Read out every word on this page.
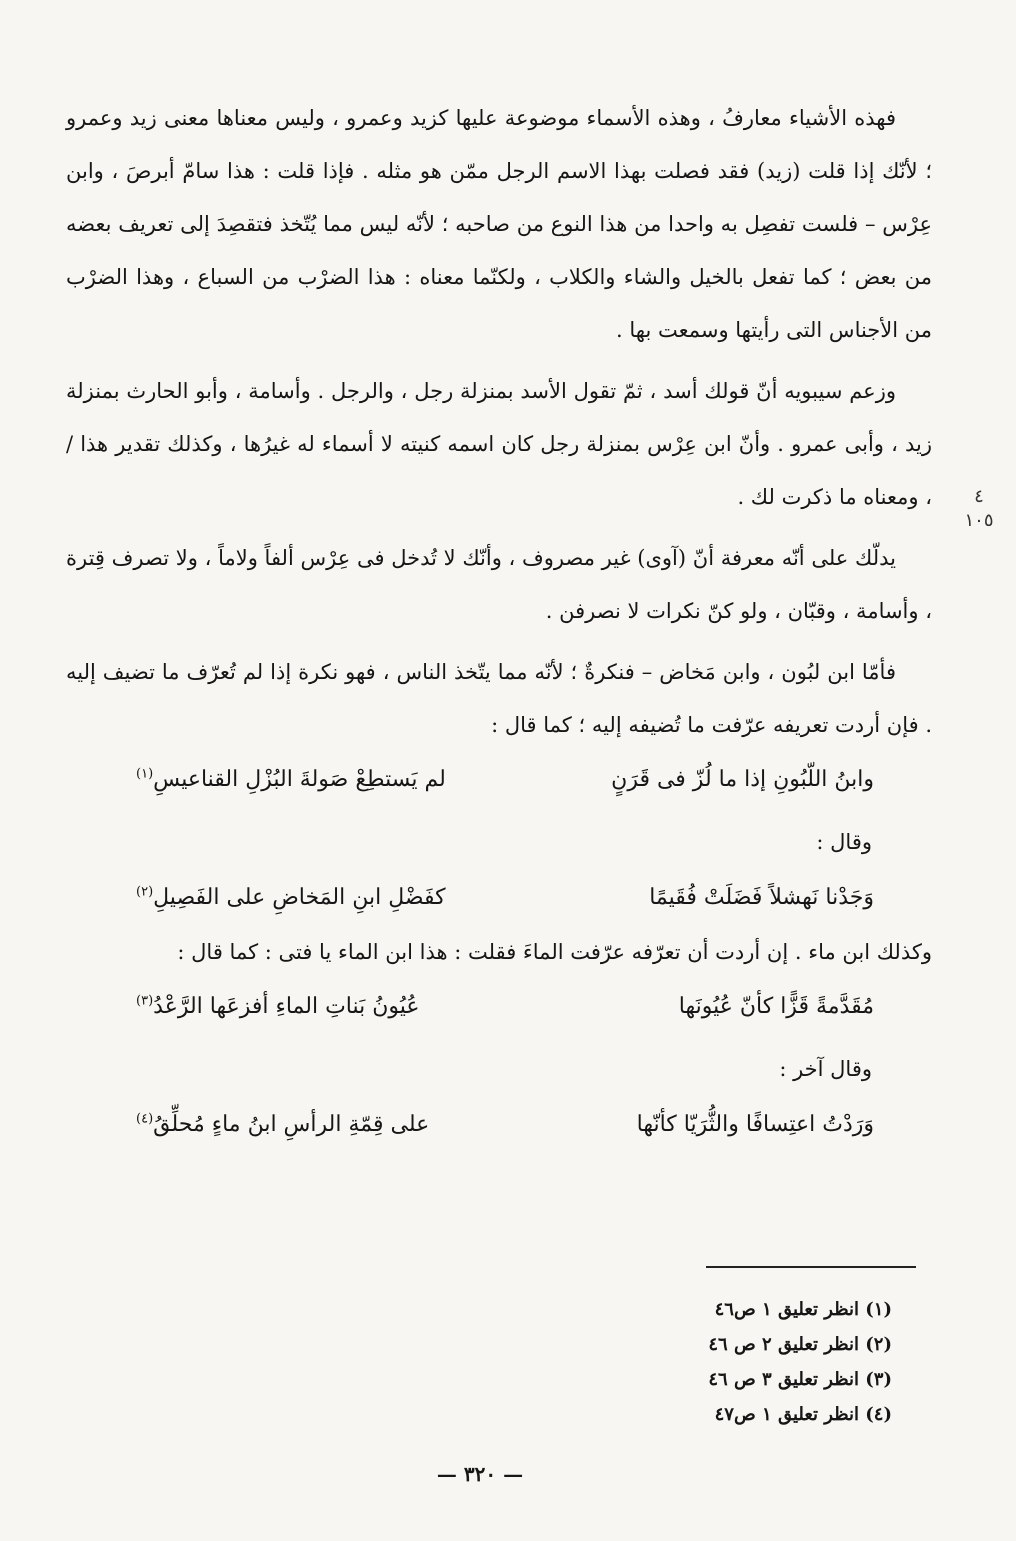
فهذه الأشياء معارفُ ، وهذه الأسماء موضوعة عليها كزيد وعمرو ، وليس معناها معنى زيد وعمرو ؛ لأنّك إذا قلت (زيد) فقد فصلت بهذا الاسم الرجل ممّن هو مثله . فإذا قلت : هذا سامّ أبرصَ ، وابن عِرْس – فلست تفصِل به واحدا من هذا النوع من صاحبه ؛ لأنّه ليس مما يُتّخذ فتقصِدَ إلى تعريف بعضه من بعض ؛ كما تفعل بالخيل والشاء والكلاب ، ولكنّما معناه : هذا الضرْب من السباع ، وهذا الضرْب من الأجناس التى رأيتها وسمعت بها .

وزعم سيبويه أنّ قولك أسد ، ثمّ تقول الأسد بمنزلة رجل ، والرجل . وأسامة ، وأبو الحارث بمنزلة زيد ، وأبى عمرو . وأنّ ابن عِرْس بمنزلة رجل كان اسمه كنيته لا أسماء له غيرُها ، وكذلك تقدير هذا / ، ومعناه ما ذكرت لك .

يدلّك على أنّه معرفة أنّ (آوى) غير مصروف ، وأنّك لا تُدخل فى عِرْس ألفاً ولاماً ، ولا تصرف قِترة ، وأسامة ، وقبّان ، ولو كنّ نكرات لا نصرفن .

فأمّا ابن لبُون ، وابن مَخاض – فنكرةٌ ؛ لأنّه مما يتّخذ الناس ، فهو نكرة إذا لم تُعرّف ما تضيف إليه . فإن أردت تعريفه عرّفت ما تُضيفه إليه ؛ كما قال :

وابنُ اللّبُونِ إذا ما لُزّ فى قَرَنٍ
لم يَستطِعْ صَولةَ البُزْلِ القناعيسِ$^{(١)}$
وقال :
وَجَدْنا نَهشلاً فَضَلَتْ فُقَيمًا
كفَضْلِ ابنِ المَخاضِ على الفَصِيلِ$^{(٢)}$

وكذلك ابن ماء . إن أردت أن تعرّفه عرّفت الماءَ فقلت : هذا ابن الماء يا فتى : كما قال :

مُقَدَّمةً قَزًّا كأنّ عُيُونَها
عُيُونُ بَناتِ الماءِ أفزعَها الرَّعْدُ$^{(٣)}$
وقال آخر :
وَرَدْتُ اعتِسافًا والثُّرَيّا كأنّها
على قِمّةِ الرأسِ ابنُ ماءٍ مُحلِّقُ$^{(٤)}$
٤
١٠٥
(١) انظر تعليق ١ ص٤٦
(٢) انظر تعليق ٢ ص ٤٦
(٣) انظر تعليق ٣ ص ٤٦
(٤) انظر تعليق ١ ص٤٧
— ٣٢٠ —
